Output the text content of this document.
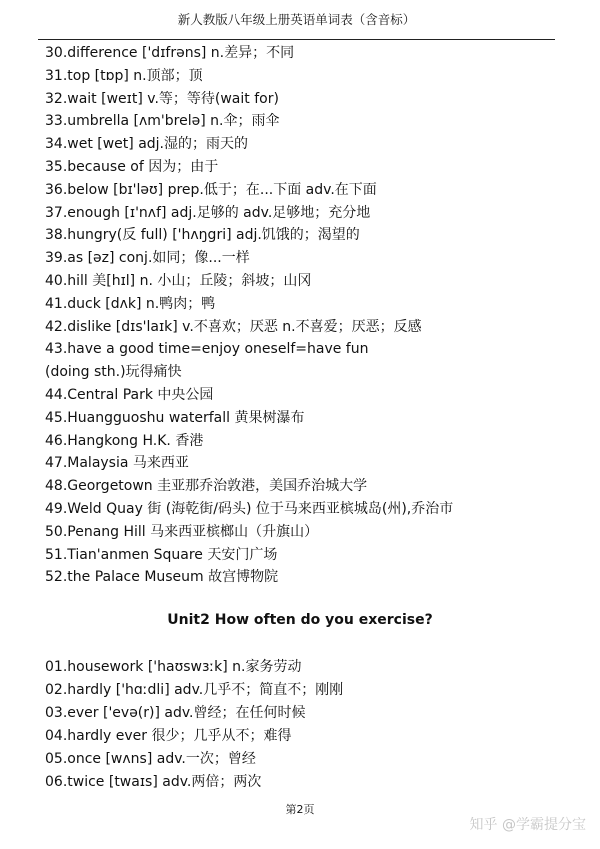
新人教版八年级上册英语单词表（含音标）
30.difference ['dɪfrəns] n.差异；不同
31.top [tɒp] n.顶部；顶
32.wait [weɪt] v.等；等待(wait for)
33.umbrella [ʌm'brelə] n.伞；雨伞
34.wet [wet] adj.湿的；雨天的
35.because of 因为；由于
36.below [bɪ'ləʊ] prep.低于；在...下面 adv.在下面
37.enough [ɪ'nʌf] adj.足够的 adv.足够地；充分地
38.hungry(反 full) ['hʌŋgri] adj.饥饿的；渴望的
39.as [əz] conj.如同；像...一样
40.hill 美[hɪl] n. 小山；丘陵；斜坡；山冈
41.duck [dʌk] n.鸭肉；鸭
42.dislike [dɪs'laɪk] v.不喜欢；厌恶 n.不喜爱；厌恶；反感
43.have a good time=enjoy oneself=have fun
(doing sth.)玩得痛快
44.Central Park 中央公园
45.Huangguoshu waterfall 黄果树瀑布
46.Hangkong H.K. 香港
47.Malaysia 马来西亚
48.Georgetown 圭亚那乔治敦港，美国乔治城大学
49.Weld Quay 街 (海乾街/码头) 位于马来西亚槟城岛(州),乔治市
50.Penang Hill 马来西亚槟榔山（升旗山）
51.Tian'anmen Square 天安门广场
52.the Palace Museum 故宫博物院
Unit2 How often do you exercise?
01.housework ['haʊswɜːk] n.家务劳动
02.hardly ['hɑːdli] adv.几乎不；简直不；刚刚
03.ever ['evə(r)] adv.曾经；在任何时候
04.hardly ever 很少；几乎从不；难得
05.once [wʌns] adv.一次；曾经
06.twice [twaɪs] adv.两倍；两次
第2页
知乎 @学霸提分宝
